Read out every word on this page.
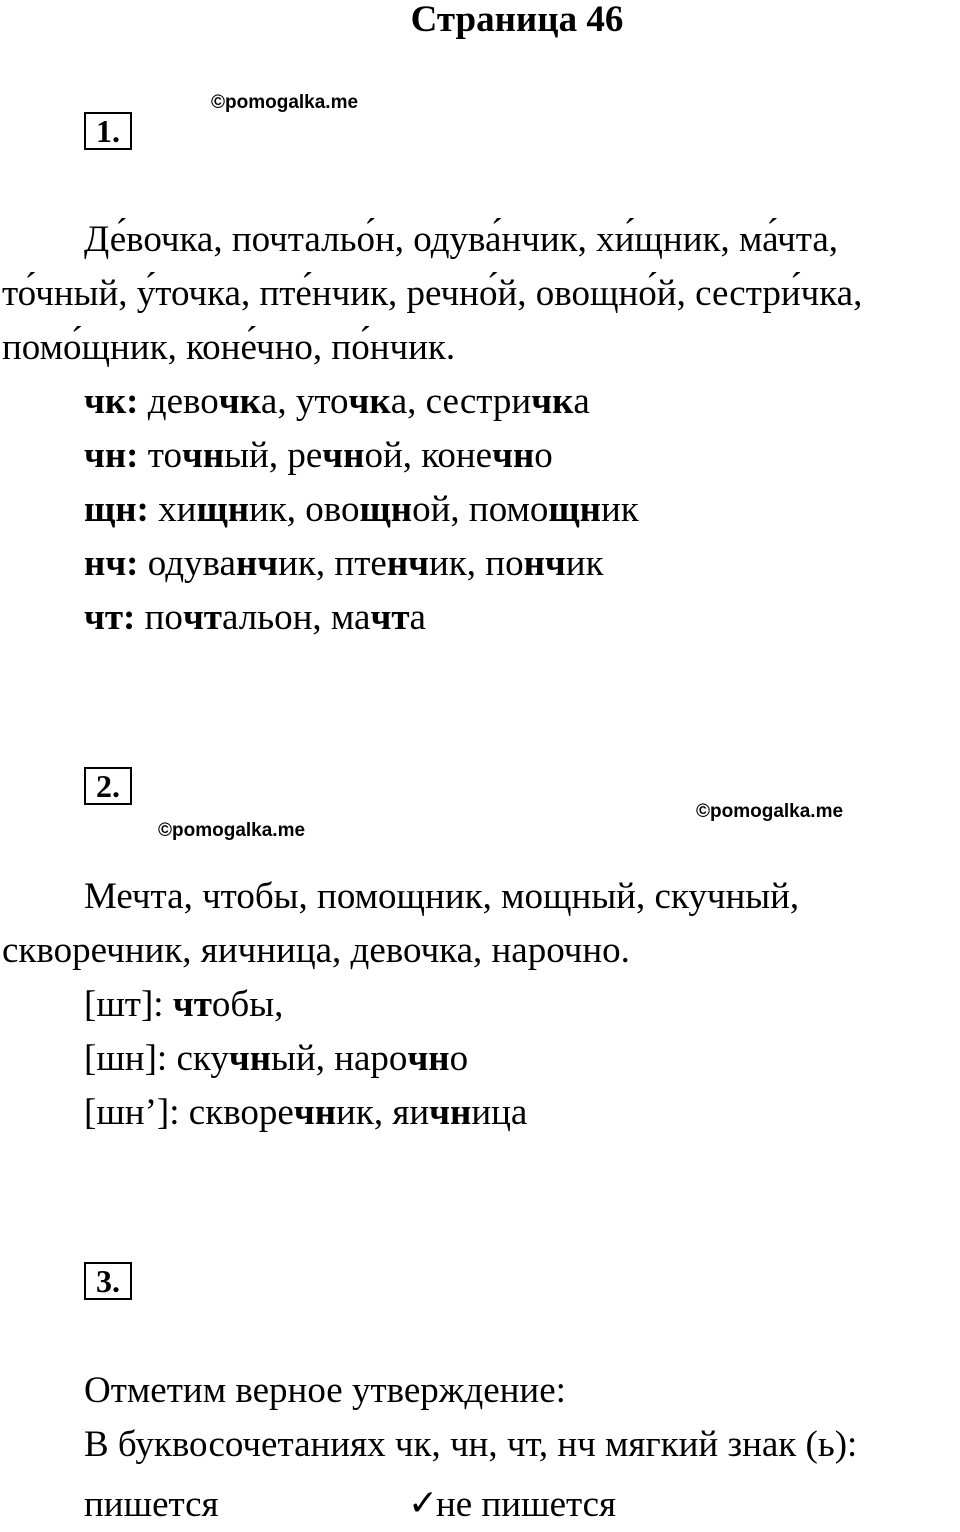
Страница 46
1.
©pomogalka.me

Де́вочка, почтальо́н, одува́нчик, хи́щник, ма́чта, то́чный, у́точка, пте́нчик, речно́й, овощно́й, сестри́чка, помо́щник, коне́чно, по́нчик.

чк: девочка, уточка, сестричка
чн: точный, речной, конечно
щн: хищник, овощной, помощник
нч: одуванчик, птенчик, пончик
чт: почтальон, мачта
2.
©pomogalka.me
©pomogalka.me

Мечта, чтобы, помощник, мощный, скучный, скворечник, яичница, девочка, нарочно.

[шт]: чтобы,
[шн]: скучный, нарочно
[шн’]: скворечник, яичница
3.
Отметим верное утверждение:
В буквосочетаниях чк, чн, чт, нч мягкий знак (ь):
пишется	✓
не пишется
